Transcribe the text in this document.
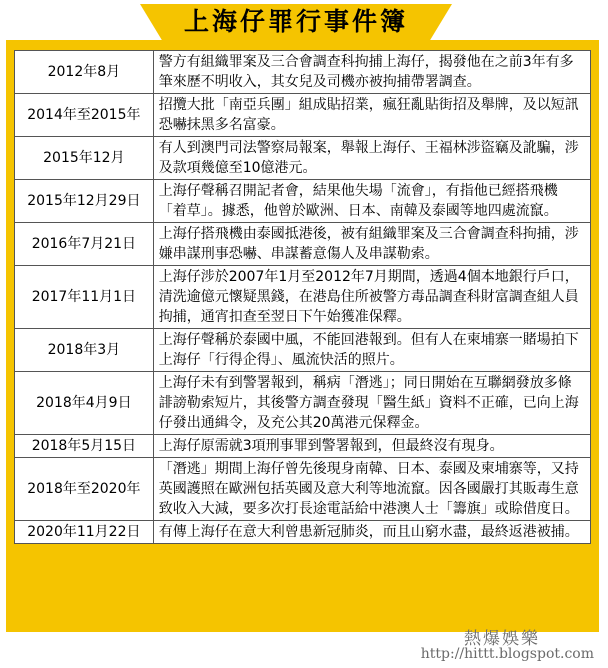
上海仔罪行事件簿
2012年8月	警方有組織罪案及三合會調查科拘捕上海仔，揭發他在之前3年有多筆來歷不明收入，其女兒及司機亦被拘捕帶署調查。
2014年至2015年	招攬大批「南亞兵團」組成貼招業，瘋狂亂貼街招及舉牌，及以短訊恐嚇抹黑多名富豪。
2015年12月	有人到澳門司法警察局報案，舉報上海仔、王福林涉盜竊及訛騙，涉及款項幾億至10億港元。
2015年12月29日	上海仔聲稱召開記者會，結果他失場「流會」，有指他已經搭飛機「着草」。據悉，他曾於歐洲、日本、南韓及泰國等地四處流竄。
2016年7月21日	上海仔搭飛機由泰國抵港後，被有組織罪案及三合會調查科拘捕，涉嫌串謀刑事恐嚇、串謀蓄意傷人及串謀勒索。
2017年11月1日	上海仔涉於2007年1月至2012年7月期間，透過4個本地銀行戶口，清洗逾億元懷疑黑錢，在港島住所被警方毒品調查科財富調查組人員拘捕，通宵扣查至翌日下午始獲准保釋。
2018年3月	上海仔聲稱於泰國中風，不能回港報到。但有人在柬埔寨一賭場拍下上海仔「行得企得」、風流快活的照片。
2018年4月9日	上海仔未有到警署報到，稱病「潛逃」；同日開始在互聯網發放多條誹謗勒索短片，其後警方調查發現「醫生紙」資料不正確，已向上海仔發出通緝令，及充公其20萬港元保釋金。
2018年5月15日	上海仔原需就3項刑事罪到警署報到，但最終沒有現身。
2018年至2020年	「潛逃」期間上海仔曾先後現身南韓、日本、泰國及柬埔寨等，又持英國護照在歐洲包括英國及意大利等地流竄。因各國嚴打其販毒生意致收入大減，要多次打長途電話給中港澳人士「籌旗」或賒借度日。
2020年11月22日	有傳上海仔在意大利曾患新冠肺炎，而且山窮水盡，最終返港被捕。
熱爆娛樂
http://hittt.blogspot.com
